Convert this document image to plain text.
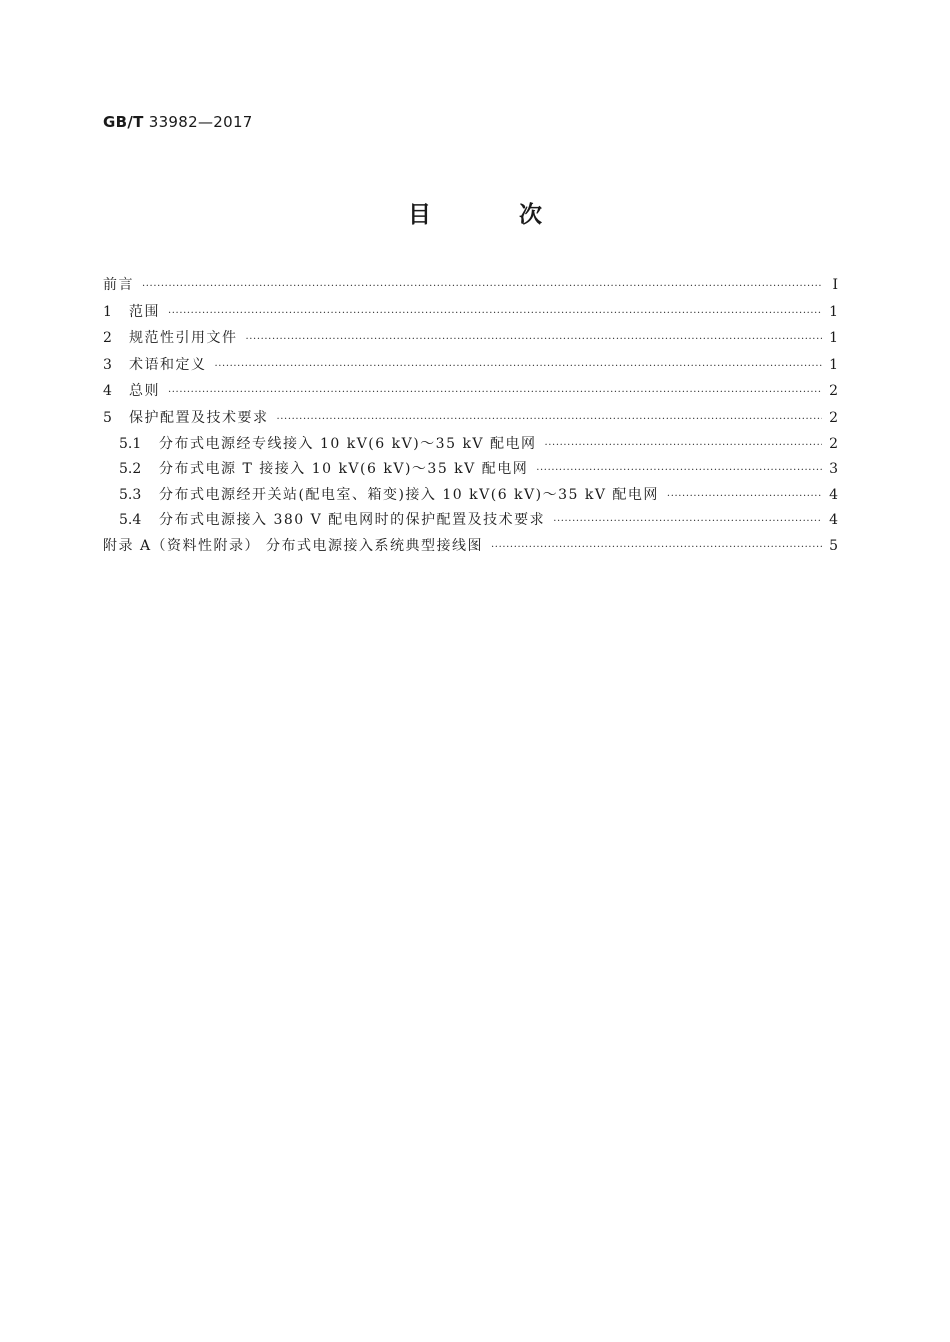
GB/T 33982—2017

目 次
前言 ·····	Ⅰ
1	范围 ·····	1
2	规范性引用文件 ·····	1
3	术语和定义 ·····	1
4	总则 ·····	2
5	保护配置及技术要求 ·····	2
5.1	分布式电源经专线接入 10 kV(6 kV)～35 kV 配电网 ·····	2
5.2	分布式电源 T 接接入 10 kV(6 kV)～35 kV 配电网 ·····	3
5.3	分布式电源经开关站(配电室、箱变)接入 10 kV(6 kV)～35 kV 配电网 ·····	4
5.4	分布式电源接入 380 V 配电网时的保护配置及技术要求 ·····	4
附录 A（资料性附录） 分布式电源接入系统典型接线图 ·····	5
